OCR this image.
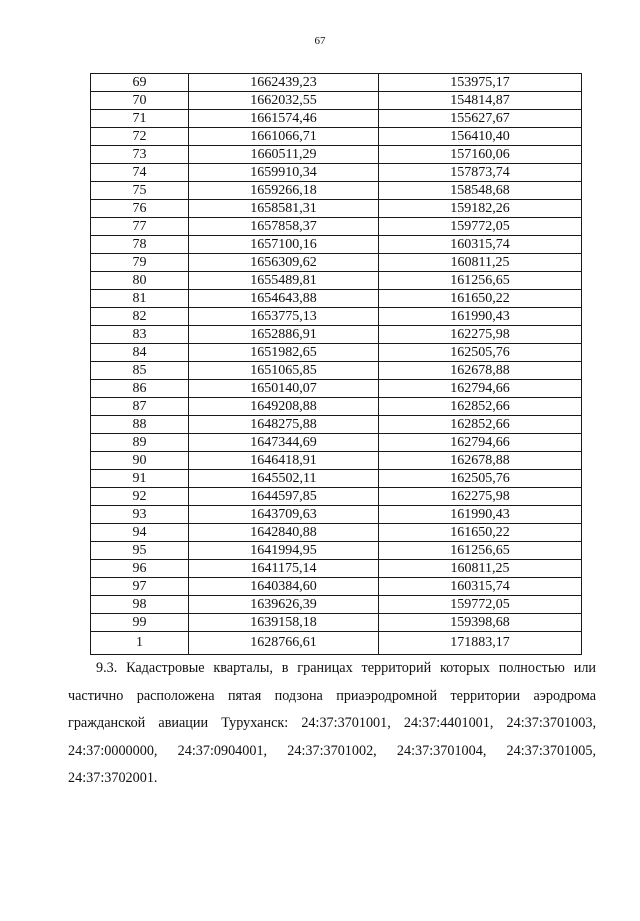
67
69	1662439,23	153975,17
70	1662032,55	154814,87
71	1661574,46	155627,67
72	1661066,71	156410,40
73	1660511,29	157160,06
74	1659910,34	157873,74
75	1659266,18	158548,68
76	1658581,31	159182,26
77	1657858,37	159772,05
78	1657100,16	160315,74
79	1656309,62	160811,25
80	1655489,81	161256,65
81	1654643,88	161650,22
82	1653775,13	161990,43
83	1652886,91	162275,98
84	1651982,65	162505,76
85	1651065,85	162678,88
86	1650140,07	162794,66
87	1649208,88	162852,66
88	1648275,88	162852,66
89	1647344,69	162794,66
90	1646418,91	162678,88
91	1645502,11	162505,76
92	1644597,85	162275,98
93	1643709,63	161990,43
94	1642840,88	161650,22
95	1641994,95	161256,65
96	1641175,14	160811,25
97	1640384,60	160315,74
98	1639626,39	159772,05
99	1639158,18	159398,68
1	1628766,61	171883,17

9.3. Кадастровые кварталы, в границах территорий которых полностью или
частично расположена пятая подзона приаэродромной территории аэродрома
гражданской авиации Туруханск: 24:37:3701001, 24:37:4401001, 24:37:3701003,
24:37:0000000, 24:37:0904001, 24:37:3701002, 24:37:3701004, 24:37:3701005,
24:37:3702001.
